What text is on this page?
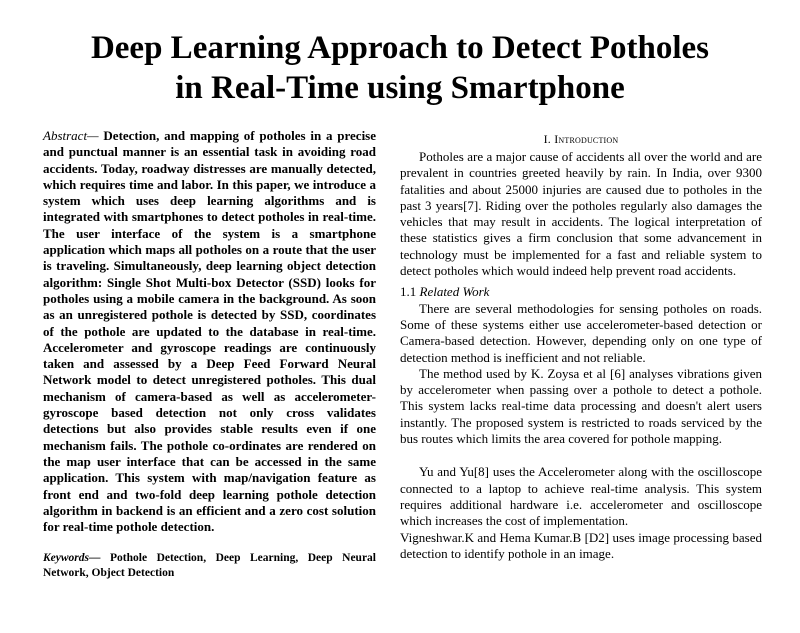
Deep Learning Approach to Detect Potholes
in Real-Time using Smartphone

Abstract— Detection, and mapping of potholes in a precise and punctual manner is an essential task in avoiding road accidents. Today, roadway distresses are manually detected, which requires time and labor. In this paper, we introduce a system which uses deep learning algorithms and is integrated with smartphones to detect potholes in real-time. The user interface of the system is a smartphone application which maps all potholes on a route that the user is traveling. Simultaneously, deep learning object detection algorithm: Single Shot Multi-box Detector (SSD) looks for potholes using a mobile camera in the background. As soon as an unregistered pothole is detected by SSD, coordinates of the pothole are updated to the database in real-time. Accelerometer and gyroscope readings are continuously taken and assessed by a Deep Feed Forward Neural Network model to detect unregistered potholes. This dual mechanism of camera-based as well as accelerometer-gyroscope based detection not only cross validates detections but also provides stable results even if one mechanism fails. The pothole co-ordinates are rendered on the map user interface that can be accessed in the same application. This system with map/navigation feature as front end and two-fold deep learning pothole detection algorithm in backend is an efficient and a zero cost solution for real-time pothole detection.

Keywords— Pothole Detection, Deep Learning, Deep Neural Network, Object Detection

I. Introduction

Potholes are a major cause of accidents all over the world and are prevalent in countries greeted heavily by rain. In India, over 9300 fatalities and about 25000 injuries are caused due to potholes in the past 3 years[7]. Riding over the potholes regularly also damages the vehicles that may result in accidents. The logical interpretation of these statistics gives a firm conclusion that some advancement in technology must be implemented for a fast and reliable system to detect potholes which would indeed help prevent road accidents.

1.1 Related Work

There are several methodologies for sensing potholes on roads. Some of these systems either use accelerometer-based detection or Camera-based detection. However, depending only on one type of detection method is inefficient and not reliable.

The method used by K. Zoysa et al [6] analyses vibrations given by accelerometer when passing over a pothole to detect a pothole. This system lacks real-time data processing and doesn't alert users instantly. The proposed system is restricted to roads serviced by the bus routes which limits the area covered for pothole mapping.

Yu and Yu[8] uses the Accelerometer along with the oscilloscope connected to a laptop to achieve real-time analysis. This system requires additional hardware i.e. accelerometer and oscilloscope which increases the cost of implementation.

Vigneshwar.K and Hema Kumar.B [D2] uses image processing based detection to identify pothole in an image.
